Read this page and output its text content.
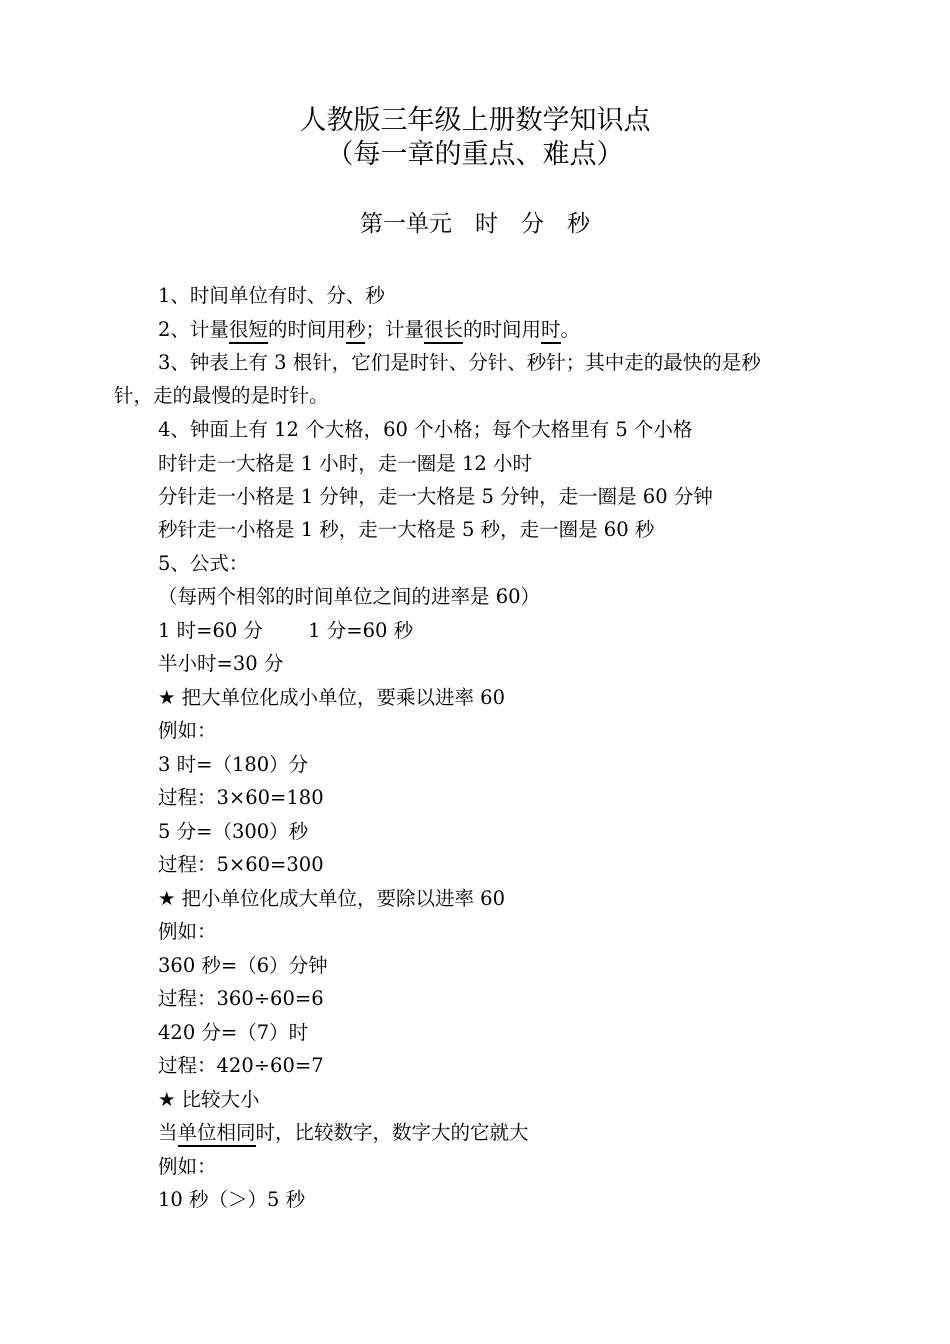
人教版三年级上册数学知识点
（每一章的重点、难点）
第一单元　时　分　秒
1、时间单位有时、分、秒
2、计量很短的时间用秒；计量很长的时间用时。
3、钟表上有 3 根针，它们是时针、分针、秒针；其中走的最快的是秒
针，走的最慢的是时针。
4、钟面上有 12 个大格，60 个小格；每个大格里有 5 个小格
时针走一大格是 1 小时，走一圈是 12 小时
分针走一小格是 1 分钟，走一大格是 5 分钟，走一圈是 60 分钟
秒针走一小格是 1 秒，走一大格是 5 秒，走一圈是 60 秒
5、公式：
（每两个相邻的时间单位之间的进率是 60）
1 时=60 分　　 1 分=60 秒
半小时=30 分
★ 把大单位化成小单位，要乘以进率 60
例如：
3 时=（180）分
过程：3×60=180
5 分=（300）秒
过程：5×60=300
★ 把小单位化成大单位，要除以进率 60
例如：
360 秒=（6）分钟
过程：360÷60=6
420 分=（7）时
过程：420÷60=7
★ 比较大小
当单位相同时，比较数字，数字大的它就大
例如：
10 秒（＞）5 秒
